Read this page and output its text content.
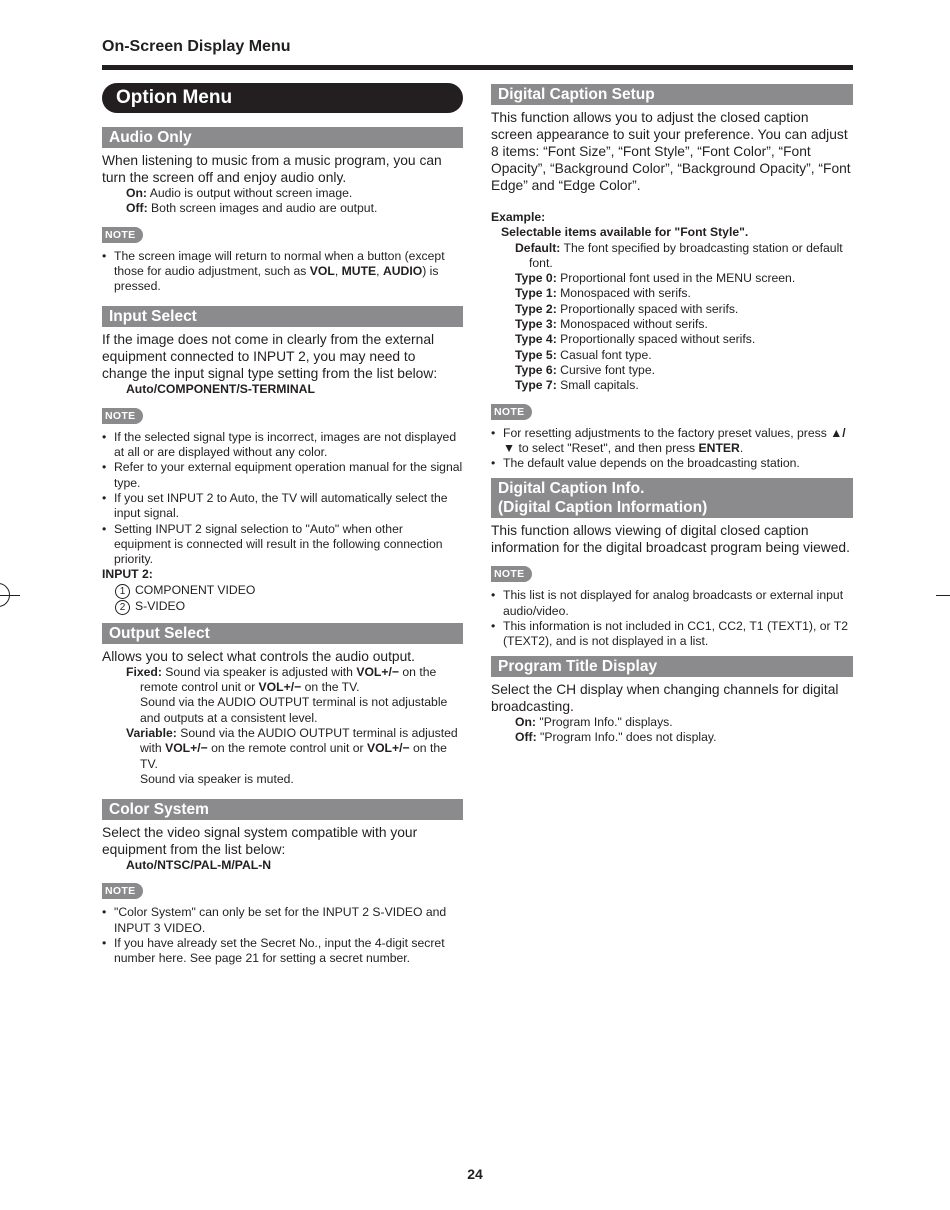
On-Screen Display Menu
Option Menu
Audio Only
When listening to music from a music program, you can turn the screen off and enjoy audio only.
On: Audio is output without screen image.
Off: Both screen images and audio are output.
NOTE
• The screen image will return to normal when a button (except those for audio adjustment, such as VOL, MUTE, AUDIO) is pressed.
Input Select
If the image does not come in clearly from the external equipment connected to INPUT 2, you may need to change the input signal type setting from the list below:
Auto/COMPONENT/S-TERMINAL
NOTE
• If the selected signal type is incorrect, images are not displayed at all or are displayed without any color.
• Refer to your external equipment operation manual for the signal type.
• If you set INPUT 2 to Auto, the TV will automatically select the input signal.
• Setting INPUT 2 signal selection to "Auto" when other equipment is connected will result in the following connection priority.
INPUT 2:
1 COMPONENT VIDEO
2 S-VIDEO
Output Select
Allows you to select what controls the audio output.
Fixed: Sound via speaker is adjusted with VOL+/− on the remote control unit or VOL+/− on the TV.
Sound via the AUDIO OUTPUT terminal is not adjustable and outputs at a consistent level.
Variable: Sound via the AUDIO OUTPUT terminal is adjusted with VOL+/− on the remote control unit or VOL+/− on the TV.
Sound via speaker is muted.
Color System
Select the video signal system compatible with your equipment from the list below:
Auto/NTSC/PAL-M/PAL-N
NOTE
• "Color System" can only be set for the INPUT 2 S-VIDEO and INPUT 3 VIDEO.
• If you have already set the Secret No., input the 4-digit secret number here. See page 21 for setting a secret number.
Digital Caption Setup
This function allows you to adjust the closed caption screen appearance to suit your preference. You can adjust 8 items: “Font Size”, “Font Style”, “Font Color”, “Font Opacity”, “Background Color”, “Background Opacity”, “Font Edge” and “Edge Color”.
Example:
Selectable items available for "Font Style".
Default: The font specified by broadcasting station or default font.
Type 0: Proportional font used in the MENU screen.
Type 1: Monospaced with serifs.
Type 2: Proportionally spaced with serifs.
Type 3: Monospaced without serifs.
Type 4: Proportionally spaced without serifs.
Type 5: Casual font type.
Type 6: Cursive font type.
Type 7: Small capitals.
NOTE
• For resetting adjustments to the factory preset values, press ▲/▼ to select "Reset", and then press ENTER.
• The default value depends on the broadcasting station.
Digital Caption Info.
(Digital Caption Information)
This function allows viewing of digital closed caption information for the digital broadcast program being viewed.
NOTE
• This list is not displayed for analog broadcasts or external input audio/video.
• This information is not included in CC1, CC2, T1 (TEXT1), or T2 (TEXT2), and is not displayed in a list.
Program Title Display
Select the CH display when changing channels for digital broadcasting.
On: "Program Info." displays.
Off: "Program Info." does not display.
24
